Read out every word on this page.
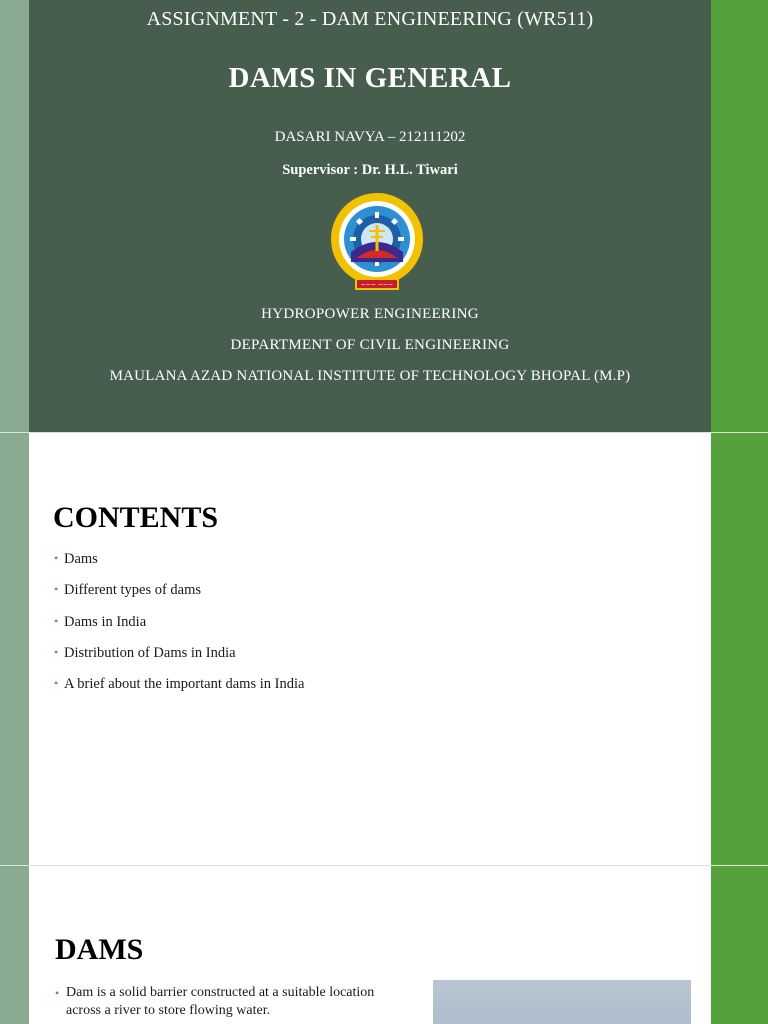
ASSIGNMENT - 2 - DAM ENGINEERING (WR511)
DAMS IN GENERAL
DASARI NAVYA – 212111202
Supervisor : Dr. H.L. Tiwari
~~~ ~~~
HYDROPOWER ENGINEERING
DEPARTMENT OF CIVIL ENGINEERING
MAULANA AZAD NATIONAL INSTITUTE OF TECHNOLOGY BHOPAL (M.P)
CONTENTS
• Dams
• Different types of dams
• Dams in India
• Distribution of Dams in India
• A brief about the important dams in India
DAMS
• Dam is a solid barrier constructed at a suitable location across a river to store flowing water.
